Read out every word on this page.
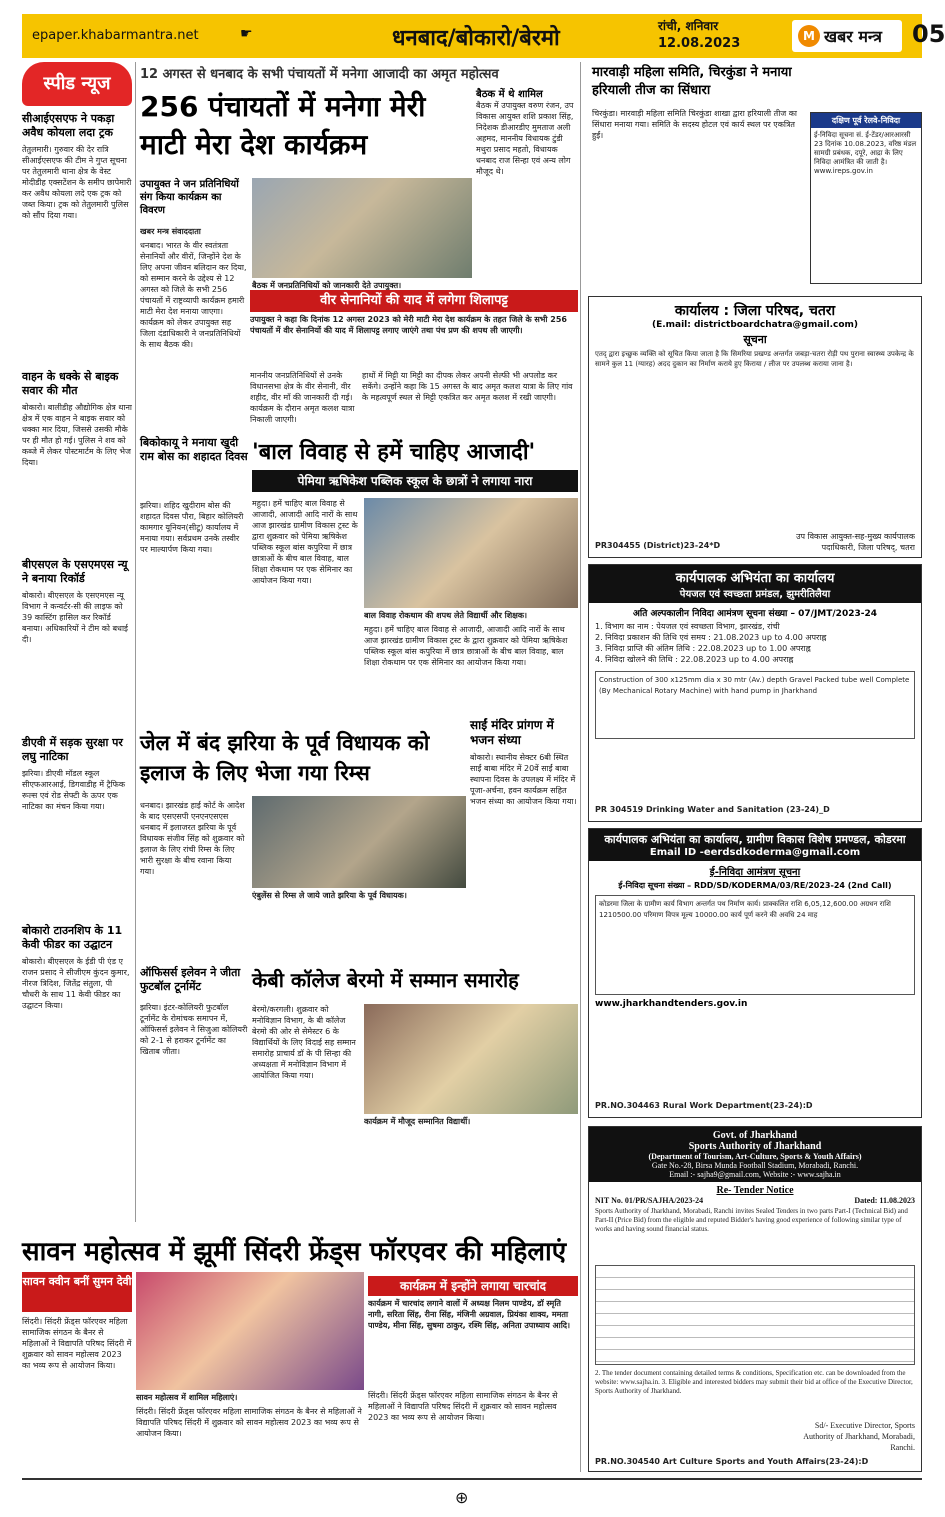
epaper.khabarmantra.net	☛	धनबाद/बोकारो/बेरमो	रांची, शनिवार
12.08.2023	M खबर मन्त्र 05
स्पीड न्यूज
सीआईएसएफ ने पकड़ा अवैध कोयला लदा ट्रक
तेतुलमारी। गुरुवार की देर रात्रि सीआईएसएफ की टीम ने गुप्त सूचना पर तेतुलमारी थाना क्षेत्र के वेस्ट मोदीडीह एक्सटेंशन के समीप छापेमारी कर अवैध कोयला लदे एक ट्रक को जब्त किया। ट्रक को तेतुलमारी पुलिस को सौंप दिया गया।
वाहन के धक्के से बाइक सवार की मौत
बोकारो। बालीडीह औद्योगिक क्षेत्र थाना क्षेत्र में एक वाहन ने बाइक सवार को धक्का मार दिया, जिससे उसकी मौके पर ही मौत हो गई। पुलिस ने शव को कब्जे में लेकर पोस्टमार्टम के लिए भेज दिया।
बीएसएल के एसएमएस न्यू ने बनाया रिकॉर्ड
बोकारो। बीएसएल के एसएमएस न्यू विभाग ने कन्वर्टर-सी की लाइफ को 39 कास्टिंग हासिल कर रिकॉर्ड बनाया। अधिकारियों ने टीम को बधाई दी।
डीएवी में सड़क सुरक्षा पर लघु नाटिका
झरिया। डीएवी मॉडल स्कूल सीएफआरआई, डिगवाडीह में ट्रैफिक रूल्स एवं रोड सेफ्टी के ऊपर एक नाटिका का मंचन किया गया।
बोकारो टाउनशिप के 11 केवी फीडर का उद्घाटन
बोकारो। बीएसएल के ईडी पी एंड ए राजन प्रसाद ने सीजीएम कुंदन कुमार, नीरज त्रिदिश, जितेंद्र संतुला, पी चौधरी के साथ 11 केवी फीडर का उद्घाटन किया।
12 अगस्त से धनबाद के सभी पंचायतों में मनेगा आजादी का अमृत महोत्सव
256 पंचायतों में मनेगा मेरी माटी मेरा देश कार्यक्रम
बैठक में थे शामिल
बैठक में उपायुक्त वरुण रंजन, उप विकास आयुक्त शशि प्रकाश सिंह, निदेशक डीआरडीए मुमताज अली अहमद, माननीय विधायक टुंडी मथुरा प्रसाद महतो, विधायक धनबाद राज सिन्हा एवं अन्य लोग मौजूद थे।
उपायुक्त ने जन प्रतिनिधियों संग किया कार्यक्रम का विवरण
खबर मन्त्र संवाददाता
धनबाद। भारत के वीर स्वतंत्रता सेनानियों और वीरों, जिन्होंने देश के लिए अपना जीवन बलिदान कर दिया, को सम्मान करने के उद्देश्य से 12 अगस्त को जिले के सभी 256 पंचायतों में राष्ट्रव्यापी कार्यक्रम हमारी माटी मेरा देश मनाया जाएगा। कार्यक्रम को लेकर उपायुक्त सह जिला दंडाधिकारी ने जनप्रतिनिधियों के साथ बैठक की।
बैठक में जनप्रतिनिधियों को जानकारी देते उपायुक्त।
वीर सेनानियों की याद में लगेगा शिलापट्ट
उपायुक्त ने कहा कि दिनांक 12 अगस्त 2023 को मेरी माटी मेरा देश कार्यक्रम के तहत जिले के सभी 256 पंचायतों में वीर सेनानियों की याद में शिलापट्ट लगाए जाएंगे तथा पंच प्रण की शपथ ली जाएगी।
माननीय जनप्रतिनिधियों से उनके विधानसभा क्षेत्र के वीर सेनानी, वीर शहीद, वीर माँ की जानकारी दी गई। कार्यक्रम के दौरान अमृत कलश यात्रा निकाली जाएगी।
हाथों में मिट्टी या मिट्टी का दीपक लेकर अपनी सेल्फी भी अपलोड कर सकेंगे। उन्होंने कहा कि 15 अगस्त के बाद अमृत कलश यात्रा के लिए गांव के महत्वपूर्ण स्थल से मिट्टी एकत्रित कर अमृत कलश में रखी जाएगी।
बिकोकायू ने मनाया खुदी राम बोस का शहादत दिवस
झरिया। शहिद खुदीराम बोस की शहादत दिवस पौरा, बिहार कोलियरी कामगार यूनियन(सीटू) कार्यालय में मनाया गया। सर्वप्रथम उनके तस्वीर पर माल्यार्पण किया गया।
'बाल विवाह से हमें चाहिए आजादी'
पेमिया ऋषिकेश पब्लिक स्कूल के छात्रों ने लगाया नारा
महुदा। हमें चाहिए बाल विवाह से आजादी, आजादी आदि नारों के साथ आज झारखंड ग्रामीण विकास ट्रस्ट के द्वारा शुक्रवार को पेमिया ऋषिकेश पब्लिक स्कूल बांस कपुरिया में छात्र छात्राओं के बीच बाल विवाह, बाल शिक्षा रोकथाम पर एक सेमिनार का आयोजन किया गया।
बाल विवाह रोकथाम की शपथ लेते विद्यार्थी और शिक्षक।
महुदा। हमें चाहिए बाल विवाह से आजादी, आजादी आदि नारों के साथ आज झारखंड ग्रामीण विकास ट्रस्ट के द्वारा शुक्रवार को पेमिया ऋषिकेश पब्लिक स्कूल बांस कपुरिया में छात्र छात्राओं के बीच बाल विवाह, बाल शिक्षा रोकथाम पर एक सेमिनार का आयोजन किया गया।
जेल में बंद झरिया के पूर्व विधायक को इलाज के लिए भेजा गया रिम्स
साईं मंदिर प्रांगण में भजन संध्या
बोकारो। स्थानीय सेक्टर 6बी स्थित साईं बाबा मंदिर में 20वें साईं बाबा स्थापना दिवस के उपलक्ष्य में मंदिर में पूजा-अर्चना, हवन कार्यक्रम सहित भजन संध्या का आयोजन किया गया।
धनबाद। झारखंड हाई कोर्ट के आदेश के बाद एसएसपी एनएनएसएस धनबाद में इलाजरत झरिया के पूर्व विधायक संजीव सिंह को शुक्रवार को इलाज के लिए रांची रिम्स के लिए भारी सुरक्षा के बीच रवाना किया गया।
एंबुलेंस से रिम्स ले जाये जाते झरिया के पूर्व विधायक।
ऑफिसर्स इलेवन ने जीता फुटबॉल टूर्नामेंट
झरिया। इंटर-कोलियरी फुटबॉल टूर्नामेंट के रोमांचक समापन में, ऑफिसर्स इलेवन ने सिजुआ कोलियरी को 2-1 से हराकर टूर्नामेंट का खिताब जीता।
केबी कॉलेज बेरमो में सम्मान समारोह
बेरमो/करगली। शुक्रवार को मनोविज्ञान विभाग, के बी कॉलेज बेरमो की ओर से सेमेस्टर 6 के विद्यार्थियों के लिए विदाई सह सम्मान समारोह प्राचार्य डॉ के पी सिन्हा की अध्यक्षता में मनोविज्ञान विभाग में आयोजित किया गया।
कार्यक्रम में मौजूद सम्मानित विद्यार्थी।
सावन महोत्सव में झूमीं सिंदरी फ्रेंड्स फॉरएवर की महिलाएं
सावन क्वीन बनीं सुमन देवी
सिंदरी। सिंदरी फ्रेंड्स फॉरएवर महिला सामाजिक संगठन के बैनर से महिलाओं ने विद्यापति परिषद सिंदरी में शुक्रवार को सावन महोत्सव 2023 का भव्य रूप से आयोजन किया।
सावन महोत्सव में शामिल महिलाएं।
कार्यक्रम में इन्होंने लगाया चारचांद
कार्यक्रम में चारचांद लगाने वालों में अध्यक्ष निलम पाण्डेय, डॉ स्मृति नागी, सरिता सिंह, रीना सिंह, मंजिनी अग्रवाल, प्रियंका शाक्य, ममता पाण्डेय, मीना सिंह, सुषमा ठाकुर, रश्मि सिंह, अनिता उपाध्याय आदि।
सिंदरी। सिंदरी फ्रेंड्स फॉरएवर महिला सामाजिक संगठन के बैनर से महिलाओं ने विद्यापति परिषद सिंदरी में शुक्रवार को सावन महोत्सव 2023 का भव्य रूप से आयोजन किया।
सिंदरी। सिंदरी फ्रेंड्स फॉरएवर महिला सामाजिक संगठन के बैनर से महिलाओं ने विद्यापति परिषद सिंदरी में शुक्रवार को सावन महोत्सव 2023 का भव्य रूप से आयोजन किया।
⊕
मारवाड़ी महिला समिति, चिरकुंडा ने मनाया हरियाली तीज का सिंधारा
चिरकुंडा। मारवाड़ी महिला समिति चिरकुंडा शाखा द्वारा हरियाली तीज का सिंधारा मनाया गया। समिति के सदस्य होटल एवं कार्य स्थल पर एकत्रित हुईं।
दक्षिण पूर्व रेलवे-निविदा
ई-निविदा सूचना सं. ई-टेंडर/आरआरसी 23 दिनांक 10.08.2023, वरिष्ठ मंडल सामग्री प्रबंधक, दपूरे, आद्रा के लिए निविदा आमंत्रित की जाती है। www.ireps.gov.in
कार्यालय : जिला परिषद, चतरा
(E.mail: districtboardchatra@gmail.com)
सूचना
एतद् द्वारा इच्छुक व्यक्ति को सूचित किया जाता है कि सिमरिया प्रखण्ड अन्तर्गत जबड़ा-चतरा रोड़ी पथ पुराना स्वास्थ्य उपकेन्द्र के सामने कुल 11 (ग्यारह) अदद दुकान का निर्माण कराये हुए किराया / लीज पर उपलब्ध कराया जाना है।
PR304455 (District)23-24*D
उप विकास आयुक्त-सह-मुख्य कार्यपालक पदाधिकारी, जिला परिषद्, चतरा
कार्यपालक अभियंता का कार्यालय
पेयजल एवं स्वच्छता प्रमंडल, झुमरीतिलैया
अति अल्पकालीन निविदा आमंत्रण सूचना संख्या – 07/JMT/2023-24
1. विभाग का नाम : पेयजल एवं स्वच्छता विभाग, झारखंड, रांची
2. निविदा प्रकाशन की तिथि एवं समय : 21.08.2023 up to 4.00 अपराह्न
3. निविदा प्राप्ति की अंतिम तिथि : 22.08.2023 up to 1.00 अपराह्न
4. निविदा खोलने की तिथि : 22.08.2023 up to 4.00 अपराह्न
Construction of 300 x125mm dia x 30 mtr (Av.) depth Gravel Packed tube well Complete (By Mechanical Rotary Machine) with hand pump in Jharkhand
PR 304519 Drinking Water and Sanitation (23-24)_D
कार्यपालक अभियंता का कार्यालय, ग्रामीण विकास विशेष प्रमण्डल, कोडरमा
Email ID -eerdsdkoderma@gmail.com
ई-निविदा आमंत्रण सूचना
ई-निविदा सूचना संख्या – RDD/SD/KODERMA/03/RE/2023-24 (2nd Call)
कोडरमा जिला के ग्रामीण कार्य विभाग अन्तर्गत पथ निर्माण कार्य। प्राक्कलित राशि 6,05,12,600.00 अग्रधन राशि 1210500.00 परिमाण विपत्र मूल्य 10000.00 कार्य पूर्ण करने की अवधि 24 माह
www.jharkhandtenders.gov.in
PR.NO.304463 Rural Work Department(23-24):D
Govt. of Jharkhand
Sports Authority of Jharkhand
(Department of Tourism, Art-Culture, Sports & Youth Affairs)
Gate No.-28, Birsa Munda Football Stadium, Morabadi, Ranchi.
Email :- sajha9@gmail.com, Website :- www.sajha.in
Re- Tender Notice
NIT No. 01/PR/SAJHA/2023-24	Dated: 11.08.2023
Sports Authority of Jharkhand, Morabadi, Ranchi invites Sealed Tenders in two parts Part-I (Technical Bid) and Part-II (Price Bid) from the eligible and reputed Bidder's having good experience of following similar type of works and having sound financial status.
2. The tender document containing detailed terms & conditions, Specification etc. can be downloaded from the website: www.sajha.in. 3. Eligible and interested bidders may submit their bid at office of the Executive Director, Sports Authority of Jharkhand.
Sd/- Executive Director, Sports Authority of Jharkhand, Morabadi, Ranchi.
PR.NO.304540 Art Culture Sports and Youth Affairs(23-24):D
